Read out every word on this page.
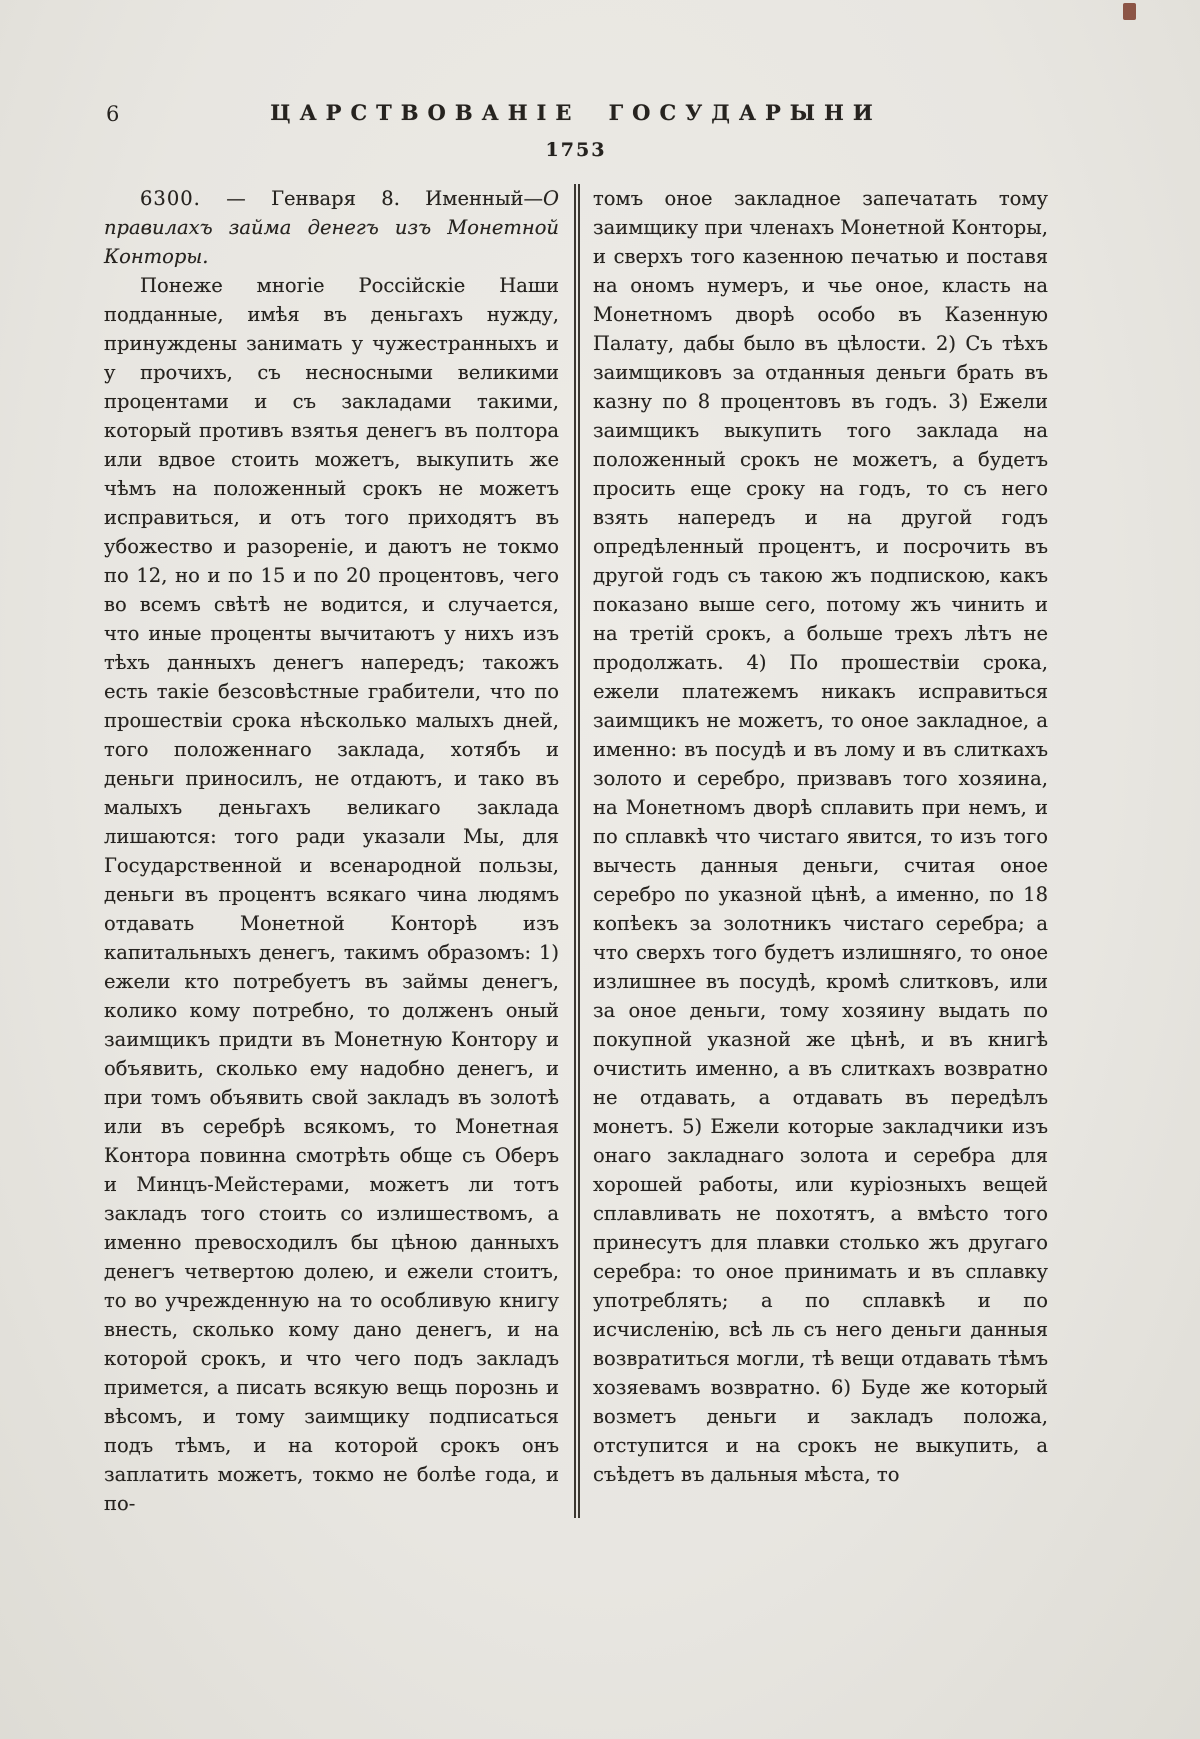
6	ЦАРСТВОВАНІЕ ГОСУДАРЫНИ
1753

6300. — Генваря 8. Именный—О правилахъ займа денегъ изъ Монетной Конторы.

Понеже многіе Россійскіе Наши подданные, имѣя въ деньгахъ нужду, принуждены занимать у чужестранныхъ и у прочихъ, съ несносными великими процентами и съ закладами такими, который противъ взятья денегъ въ полтора или вдвое стоить можетъ, выкупить же чѣмъ на положенный срокъ не можетъ исправиться, и отъ того приходятъ въ убожество и разореніе, и даютъ не токмо по 12, но и по 15 и по 20 процентовъ, чего во всемъ свѣтѣ не водится, и случается, что иные проценты вычитаютъ у нихъ изъ тѣхъ данныхъ денегъ напередъ; такожъ есть такіе безсовѣстные грабители, что по прошествіи срока нѣсколько малыхъ дней, того положеннаго заклада, хотябъ и деньги приносилъ, не отдаютъ, и тако въ малыхъ деньгахъ великаго заклада лишаются: того ради указали Мы, для Государственной и всенародной пользы, деньги въ процентъ всякаго чина людямъ отдавать Монетной Конторѣ изъ капитальныхъ денегъ, такимъ образомъ: 1) ежели кто потребуетъ въ займы денегъ, колико кому потребно, то долженъ оный заимщикъ придти въ Монетную Контору и объявить, сколько ему надобно денегъ, и при томъ объявить свой закладъ въ золотѣ или въ серебрѣ всякомъ, то Монетная Контора повинна смотрѣть обще съ Оберъ и Минцъ-Мейстерами, можетъ ли тотъ закладъ того стоить со излишествомъ, а именно превосходилъ бы цѣною данныхъ денегъ четвертою долею, и ежели стоитъ, то во учрежденную на то особливую книгу внесть, сколько кому дано денегъ, и на которой срокъ, и что чего подъ закладъ примется, а писать всякую вещь порознь и вѣсомъ, и тому заимщику подписаться подъ тѣмъ, и на которой срокъ онъ заплатить можетъ, токмо не болѣе года, и по-

томъ оное закладное запечатать тому заимщику при членахъ Монетной Конторы, и сверхъ того казенною печатью и поставя на ономъ нумеръ, и чье оное, класть на Монетномъ дворѣ особо въ Казенную Палату, дабы было въ цѣлости. 2) Съ тѣхъ заимщиковъ за отданныя деньги брать въ казну по 8 процентовъ въ годъ. 3) Ежели заимщикъ выкупить того заклада на положенный срокъ не можетъ, а будетъ просить еще сроку на годъ, то съ него взять напередъ и на другой годъ опредѣленный процентъ, и посрочить въ другой годъ съ такою жъ подпискою, какъ показано выше сего, потому жъ чинить и на третій срокъ, а больше трехъ лѣтъ не продолжать. 4) По прошествіи срока, ежели платежемъ никакъ исправиться заимщикъ не можетъ, то оное закладное, а именно: въ посудѣ и въ лому и въ слиткахъ золото и серебро, призвавъ того хозяина, на Монетномъ дворѣ сплавить при немъ, и по сплавкѣ что чистаго явится, то изъ того вычесть данныя деньги, считая оное серебро по указной цѣнѣ, а именно, по 18 копѣекъ за золотникъ чистаго серебра; а что сверхъ того будетъ излишняго, то оное излишнее въ посудѣ, кромѣ слитковъ, или за оное деньги, тому хозяину выдать по покупной указной же цѣнѣ, и въ книгѣ очистить именно, а въ слиткахъ возвратно не отдавать, а отдавать въ передѣлъ монетъ. 5) Ежели которые закладчики изъ онаго закладнаго золота и серебра для хорошей работы, или куріозныхъ вещей сплавливать не похотятъ, а вмѣсто того принесутъ для плавки столько жъ другаго серебра: то оное принимать и въ сплавку употреблять; а по сплавкѣ и по исчисленію, всѣ ль съ него деньги данныя возвратиться могли, тѣ вещи отдавать тѣмъ хозяевамъ возвратно. 6) Буде же который возметъ деньги и закладъ положа, отступится и на срокъ не выкупить, а съѣдетъ въ дальныя мѣста, то
